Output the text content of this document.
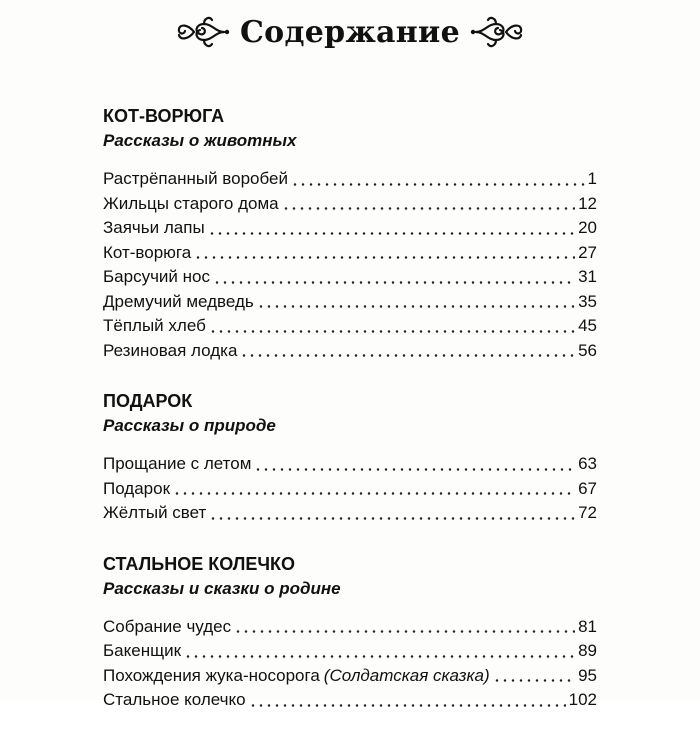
Содержание
КОТ-ВОРЮГА
Рассказы о животных
Растрёпанный воробей	1
Жильцы старого дома	12
Заячьи лапы	20
Кот-ворюга	27
Барсучий нос	31
Дремучий медведь	35
Тёплый хлеб	45
Резиновая лодка	56
ПОДАРОК
Рассказы о природе
Прощание с летом	63
Подарок	67
Жёлтый свет	72
СТАЛЬНОЕ КОЛЕЧКО
Рассказы и сказки о родине
Собрание чудес	81
Бакенщик	89
Похождения жука-носорога (Солдатская сказка)	95
Стальное колечко	102
